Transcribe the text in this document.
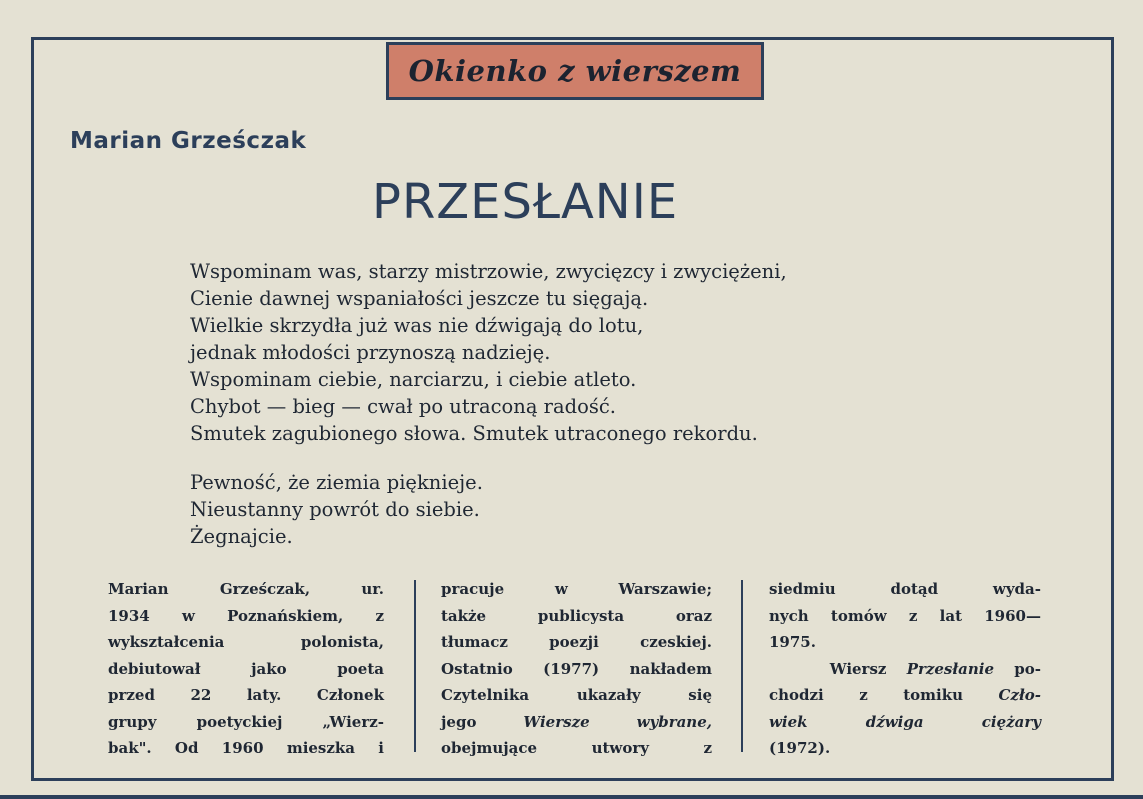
Okienko z wierszem
Marian Grześczak
PRZESŁANIE
Wspominam was, starzy mistrzowie, zwycięzcy i zwyciężeni,
Cienie dawnej wspaniałości jeszcze tu sięgają.
Wielkie skrzydła już was nie dźwigają do lotu,
jednak młodości przynoszą nadzieję.
Wspominam ciebie, narciarzu, i ciebie atleto.
Chybot — bieg — cwał po utraconą radość.
Smutek zagubionego słowa. Smutek utraconego rekordu.
Pewność, że ziemia pięknieje.
Nieustanny powrót do siebie.
Żegnajcie.
Marian Grześczak, ur.
1934 w Poznańskiem, z
wykształcenia polonista,
debiutował jako poeta
przed 22 laty. Członek
grupy poetyckiej „Wierz-
bak". Od 1960 mieszka i
pracuje w Warszawie;
także publicysta oraz
tłumacz poezji czeskiej.
Ostatnio (1977) nakładem
Czytelnika ukazały się
jego	Wiersze wybrane,
obejmujące utwory z
siedmiu dotąd wyda-
nych tomów z lat 1960—
1975.
Wiersz Przesłanie po-
chodzi z tomiku Czło-
wiek dźwiga ciężary
(1972).
